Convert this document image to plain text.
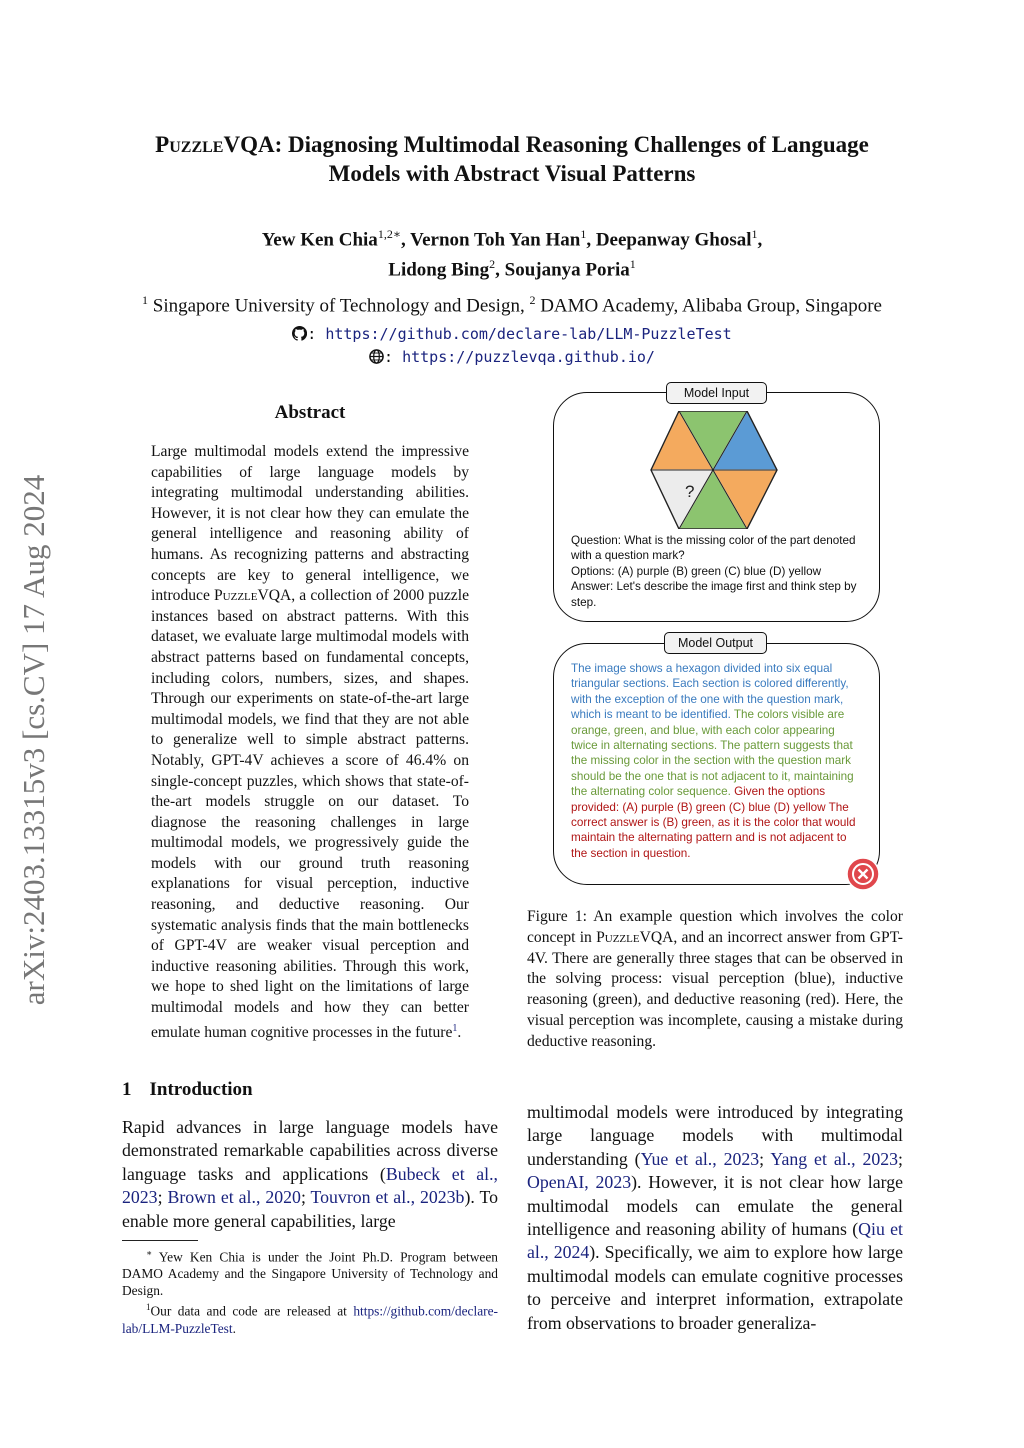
PuzzleVQA: Diagnosing Multimodal Reasoning Challenges of Language
Models with Abstract Visual Patterns
Yew Ken Chia$^{1,2∗}$, Vernon Toh Yan Han$^1$, Deepanway Ghosal$^1$,
Lidong Bing$^2$, Soujanya Poria$^1$
$^1$ Singapore University of Technology and Design, $^2$ DAMO Academy, Alibaba Group, Singapore
: https://github.com/declare-lab/LLM-PuzzleTest
: https://puzzlevqa.github.io/
arXiv:2403.13315v3 [cs.CV] 17 Aug 2024
Abstract
Large multimodal models extend the impressive capabilities of large language models by integrating multimodal understanding abilities. However, it is not clear how they can emulate the general intelligence and reasoning ability of humans. As recognizing patterns and abstracting concepts are key to general intelligence, we introduce PuzzleVQA, a collection of 2000 puzzle instances based on abstract patterns. With this dataset, we evaluate large multimodal models with abstract patterns based on fundamental concepts, including colors, numbers, sizes, and shapes. Through our experiments on state-of-the-art large multimodal models, we find that they are not able to generalize well to simple abstract patterns. Notably, GPT-4V achieves a score of 46.4% on single-concept puzzles, which shows that state-of-the-art models struggle on our dataset. To diagnose the reasoning challenges in large multimodal models, we progressively guide the models with our ground truth reasoning explanations for visual perception, inductive reasoning, and deductive reasoning. Our systematic analysis finds that the main bottlenecks of GPT-4V are weaker visual perception and inductive reasoning abilities. Through this work, we hope to shed light on the limitations of large multimodal models and how they can better emulate human cognitive processes in the future$^1$.
1 Introduction
Rapid advances in large language models have demonstrated remarkable capabilities across diverse language tasks and applications (Bubeck et al., 2023; Brown et al., 2020; Touvron et al., 2023b). To enable more general capabilities, large
∗ Yew Ken Chia is under the Joint Ph.D. Program between DAMO Academy and the Singapore University of Technology and Design.
$^1$Our data and code are released at https://github.com/declare-lab/LLM-PuzzleTest.
Model Input
?
Question: What is the missing color of the part denoted with a question mark?
Options: (A) purple (B) green (C) blue (D) yellow
Answer: Let's describe the image first and think step by step.
Model Output
The image shows a hexagon divided into six equal triangular sections. Each section is colored differently, with the exception of the one with the question mark, which is meant to be identified. The colors visible are orange, green, and blue, with each color appearing twice in alternating sections. The pattern suggests that the missing color in the section with the question mark should be the one that is not adjacent to it, maintaining the alternating color sequence. Given the options provided: (A) purple (B) green (C) blue (D) yellow The correct answer is (B) green, as it is the color that would maintain the alternating pattern and is not adjacent to the section in question.
Figure 1: An example question which involves the color concept in PuzzleVQA, and an incorrect answer from GPT-4V. There are generally three stages that can be observed in the solving process: visual perception (blue), inductive reasoning (green), and deductive reasoning (red). Here, the visual perception was incomplete, causing a mistake during deductive reasoning.
multimodal models were introduced by integrating large language models with multimodal understanding (Yue et al., 2023; Yang et al., 2023; OpenAI, 2023). However, it is not clear how large multimodal models can emulate the general intelligence and reasoning ability of humans (Qiu et al., 2024). Specifically, we aim to explore how large multimodal models can emulate cognitive processes to perceive and interpret information, extrapolate from observations to broader generaliza-
